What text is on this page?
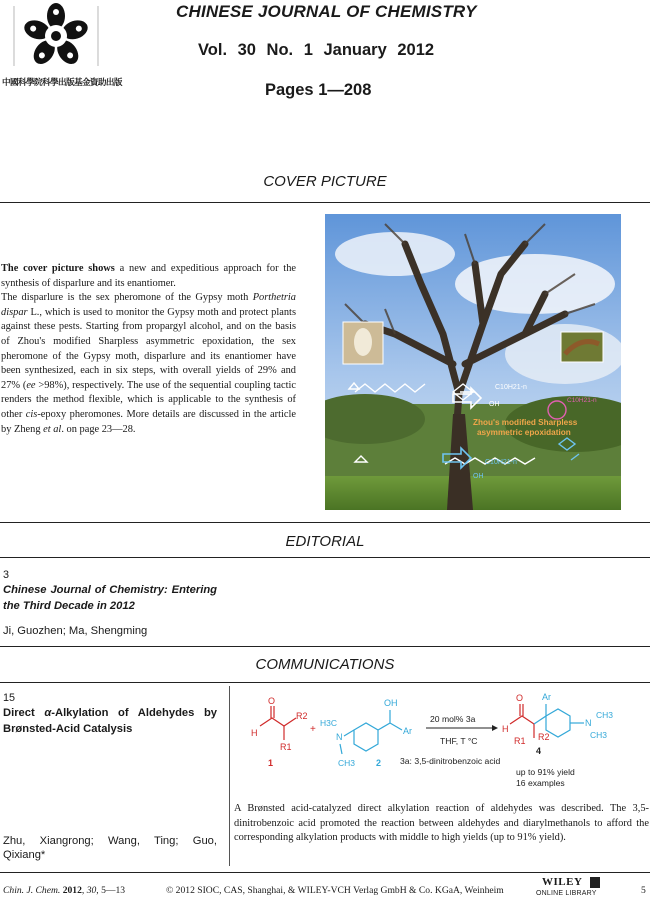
中國科學院科學出版基金資助出版
CHINESE JOURNAL OF CHEMISTRY
Vol. 30 No. 1 January 2012
Pages 1—208
COVER PICTURE
The cover picture shows a new and expeditious approach for the synthesis of disparlure and its enantiomer.
The disparlure is the sex pheromone of the Gypsy moth Porthetria dispar L., which is used to monitor the Gypsy moth and protect plants against these pests. Starting from propargyl alcohol, and on the basis of Zhou's modified Sharpless asymmetric epoxidation, the sex pheromone of the Gypsy moth, disparlure and its enantiomer have been synthesized, each in six steps, with overall yields of 29% and 27% (ee >98%), respectively. The use of the sequential coupling tactic renders the method flexible, which is applicable to the synthesis of other cis-epoxy pheromones. More details are discussed in the article by Zheng et al. on page 23—28.
C10H21-n
OH
OH
C10H21-n
C10H21-n
Zhou's modified Sharpless
asymmetric epoxidation
EDITORIAL
3
Chinese Journal of Chemistry: Entering the Third Decade in 2012
Ji, Guozhen; Ma, Shengming
COMMUNICATIONS
15
Direct α-Alkylation of Aldehydes by Brønsted-Acid Catalysis	H
O
R2
R1
1
+
H3C
N
CH3
OH
Ar
2
20 mol% 3a
THF, T °C
3a: 3,5-dinitrobenzoic acid
H
O
R1 R2
Ar
N
CH3
CH3
4
up to 91% yield
16 examples
A Brønsted acid-catalyzed direct alkylation reaction of aldehydes was described. The 3,5-dinitrobenzoic acid promoted the reaction between aldehydes and diarylmethanols to afford the corresponding alkylation products with middle to high yields (up to 91% yield).
Zhu, Xiangrong; Wang, Ting; Guo, Qixiang*
Chin. J. Chem. 2012, 30, 5—13	© 2012 SIOC, CAS, Shanghai, & WILEY-VCH Verlag GmbH & Co. KGaA, Weinheim
WILEY
ONLINE LIBRARY	5
